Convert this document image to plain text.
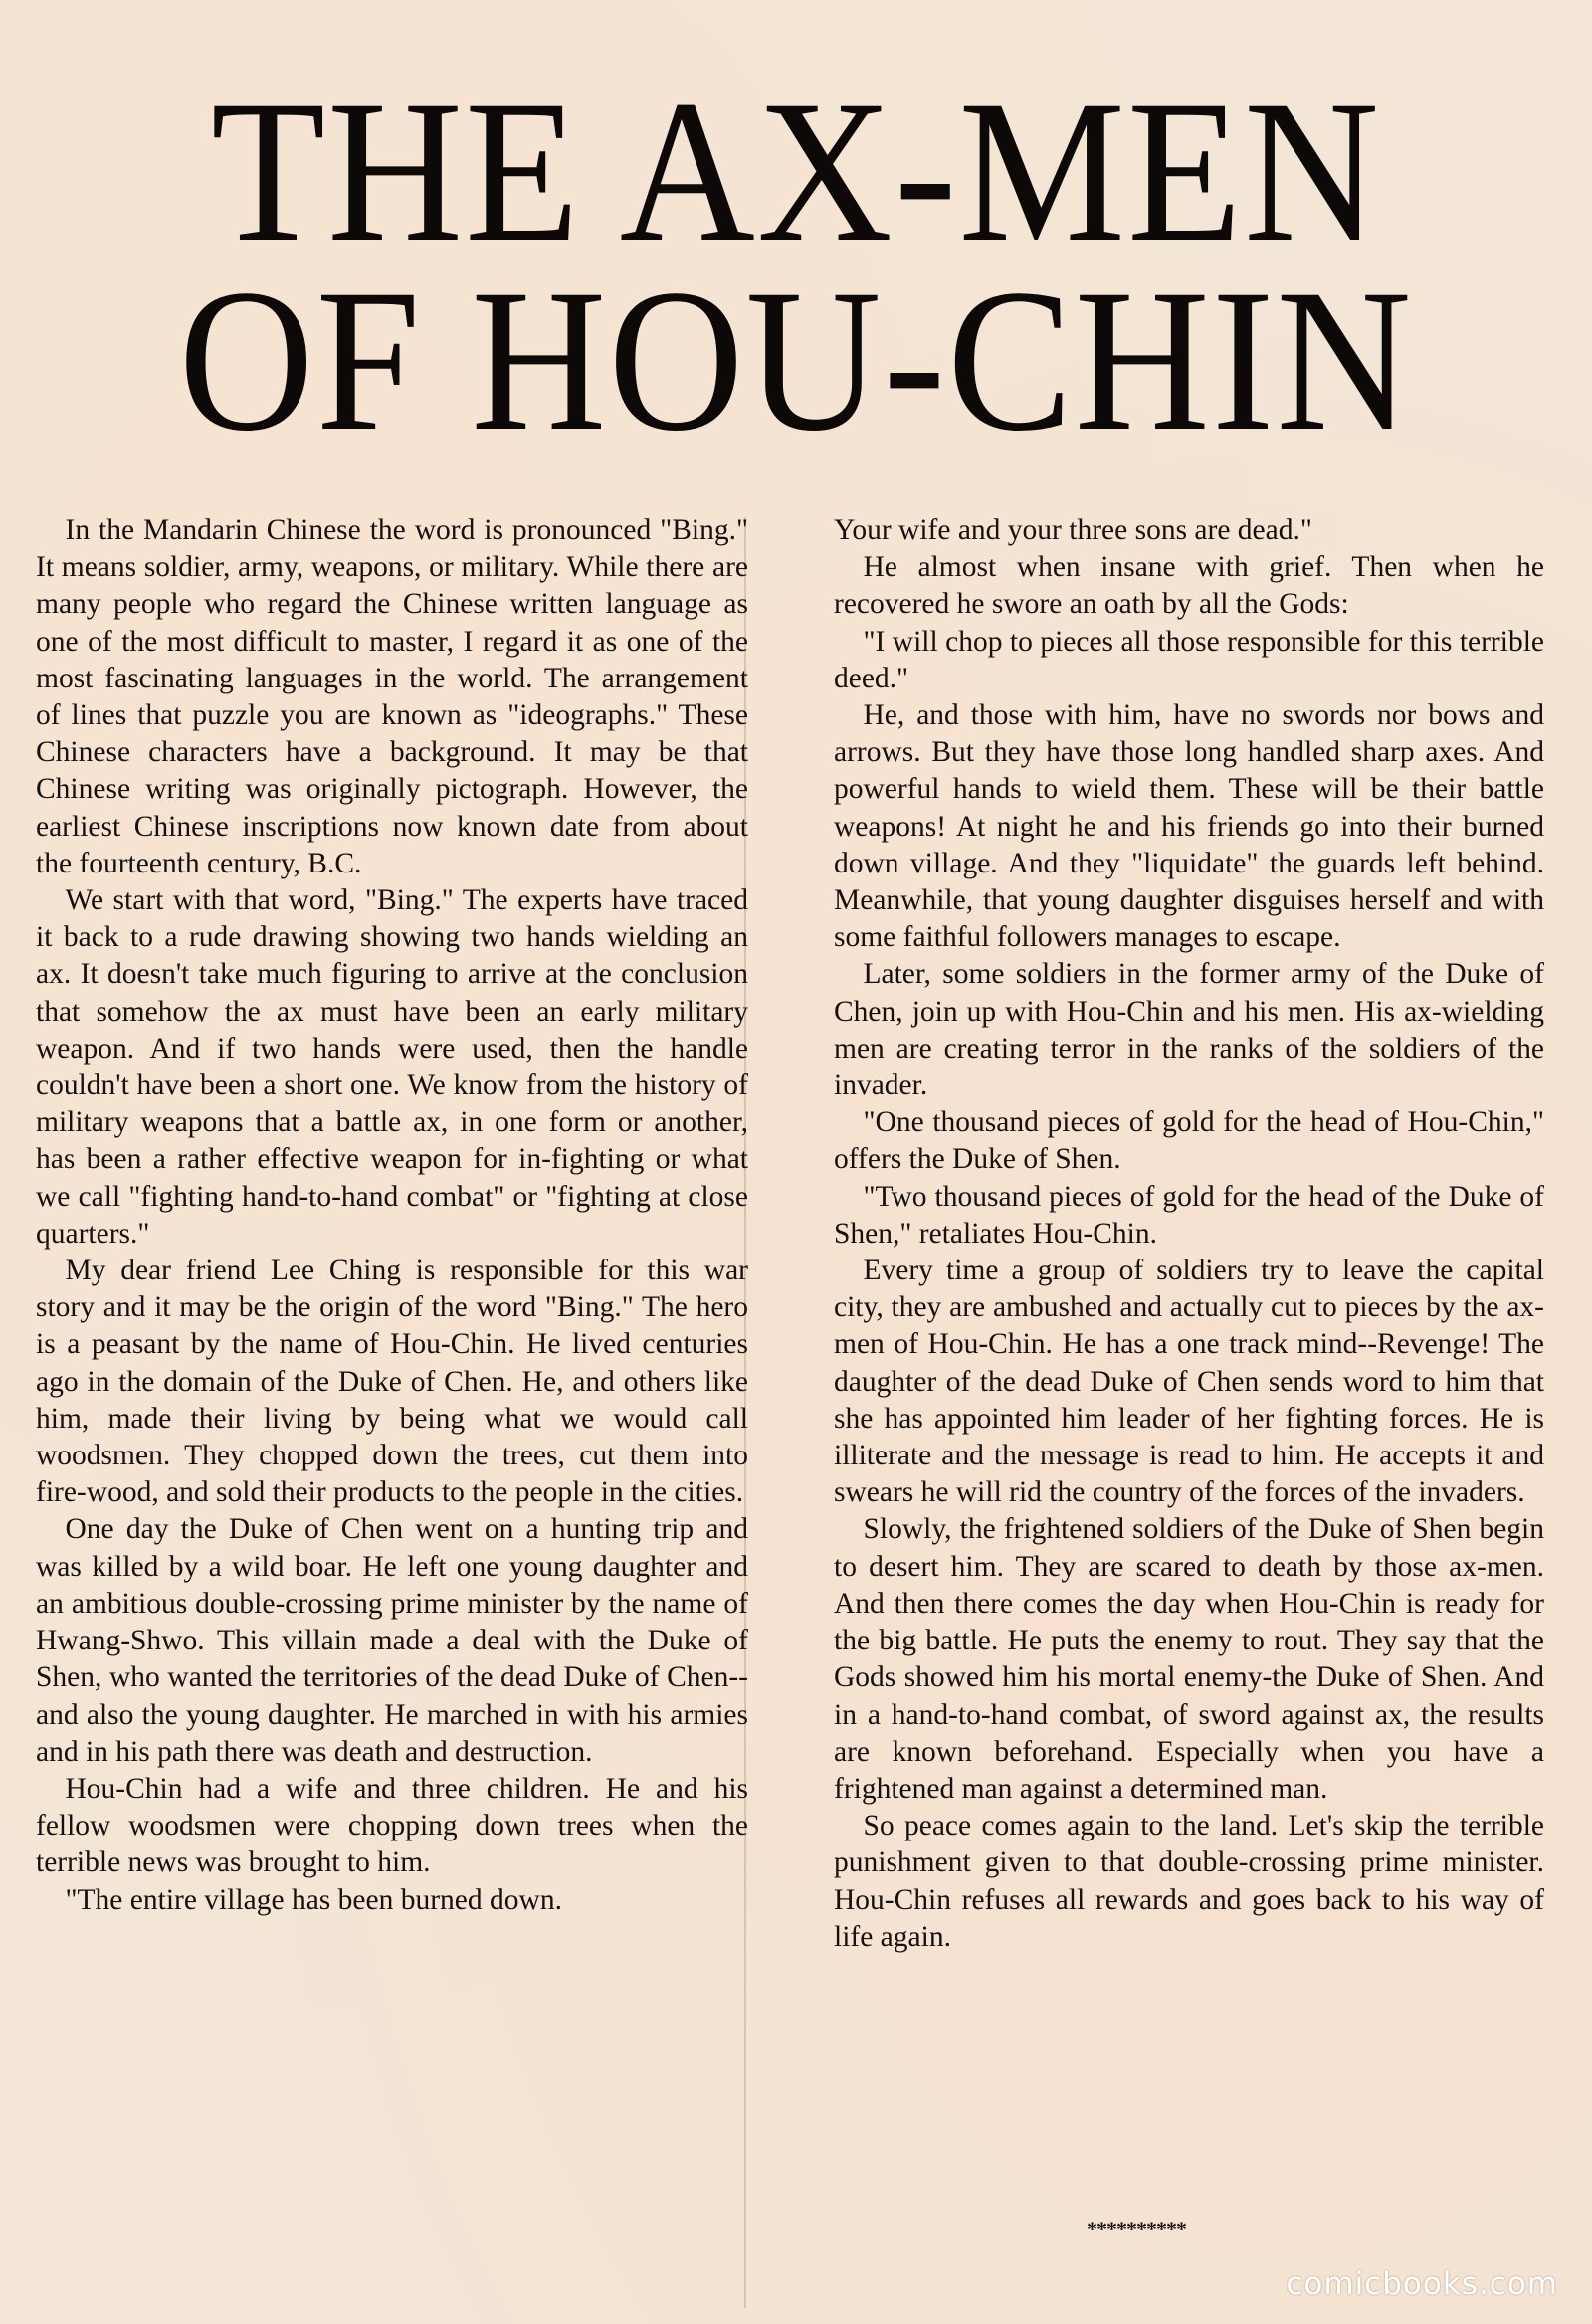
THE AX-MEN
OF HOU-CHIN

In the Mandarin Chinese the word is pronounced "Bing." It means soldier, army, weapons, or military. While there are many people who regard the Chinese written language as one of the most difficult to master, I regard it as one of the most fascinating languages in the world. The arrangement of lines that puzzle you are known as "ideographs." These Chinese characters have a background. It may be that Chinese writing was originally pictograph. However, the earliest Chinese inscriptions now known date from about the fourteenth century, B.C.

We start with that word, "Bing." The experts have traced it back to a rude drawing showing two hands wielding an ax. It doesn't take much figuring to arrive at the conclusion that somehow the ax must have been an early military weapon. And if two hands were used, then the handle couldn't have been a short one. We know from the history of military weapons that a battle ax, in one form or another, has been a rather effective weapon for in-fighting or what we call "fighting hand-to-hand combat" or "fighting at close quarters."

My dear friend Lee Ching is responsible for this war story and it may be the origin of the word "Bing." The hero is a peasant by the name of Hou-Chin. He lived centuries ago in the domain of the Duke of Chen. He, and others like him, made their living by being what we would call woodsmen. They chopped down the trees, cut them into fire-wood, and sold their products to the people in the cities.

One day the Duke of Chen went on a hunting trip and was killed by a wild boar. He left one young daughter and an ambitious double-crossing prime minister by the name of Hwang-Shwo. This villain made a deal with the Duke of Shen, who wanted the territories of the dead Duke of Chen--and also the young daughter. He marched in with his armies and in his path there was death and destruction.

Hou-Chin had a wife and three children. He and his fellow woodsmen were chopping down trees when the terrible news was brought to him.

"The entire village has been burned down.

Your wife and your three sons are dead."

He almost when insane with grief. Then when he recovered he swore an oath by all the Gods:

"I will chop to pieces all those responsible for this terrible deed."

He, and those with him, have no swords nor bows and arrows. But they have those long handled sharp axes. And powerful hands to wield them. These will be their battle weapons! At night he and his friends go into their burned down village. And they "liquidate" the guards left behind. Meanwhile, that young daughter disguises herself and with some faithful followers manages to escape.

Later, some soldiers in the former army of the Duke of Chen, join up with Hou-Chin and his men. His ax-wielding men are creating terror in the ranks of the soldiers of the invader.

"One thousand pieces of gold for the head of Hou-Chin," offers the Duke of Shen.

"Two thousand pieces of gold for the head of the Duke of Shen," retaliates Hou-Chin.

Every time a group of soldiers try to leave the capital city, they are ambushed and actually cut to pieces by the ax-men of Hou-Chin. He has a one track mind--Revenge! The daughter of the dead Duke of Chen sends word to him that she has appointed him leader of her fighting forces. He is illiterate and the message is read to him. He accepts it and swears he will rid the country of the forces of the invaders.

Slowly, the frightened soldiers of the Duke of Shen begin to desert him. They are scared to death by those ax-men. And then there comes the day when Hou-Chin is ready for the big battle. He puts the enemy to rout. They say that the Gods showed him his mortal enemy-the Duke of Shen. And in a hand-to-hand combat, of sword against ax, the results are known beforehand. Especially when you have a frightened man against a determined man.

So peace comes again to the land. Let's skip the terrible punishment given to that double-crossing prime minister. Hou-Chin refuses all rewards and goes back to his way of life again.

**********
comicbooks.com
